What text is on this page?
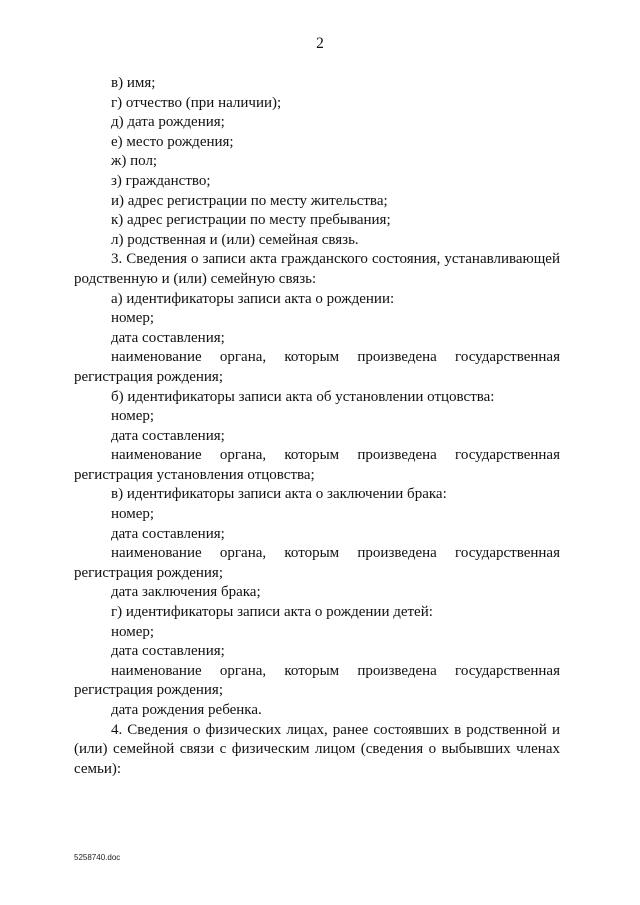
2

в) имя;

г) отчество (при наличии);

д) дата рождения;

е) место рождения;

ж) пол;

з) гражданство;

и) адрес регистрации по месту жительства;

к) адрес регистрации по месту пребывания;

л) родственная и (или) семейная связь.

3. Сведения о записи акта гражданского состояния, устанавливающей родственную и (или) семейную связь:

а) идентификаторы записи акта о рождении:

номер;

дата составления;

наименование органа, которым произведена государственная регистрация рождения;

б) идентификаторы записи акта об установлении отцовства:

номер;

дата составления;

наименование органа, которым произведена государственная регистрация установления отцовства;

в) идентификаторы записи акта о заключении брака:

номер;

дата составления;

наименование органа, которым произведена государственная регистрация рождения;

дата заключения брака;

г) идентификаторы записи акта о рождении детей:

номер;

дата составления;

наименование органа, которым произведена государственная регистрация рождения;

дата рождения ребенка.

4. Сведения о физических лицах, ранее состоявших в родственной и (или) семейной связи с физическим лицом (сведения о выбывших членах семьи):

5258740.doc
